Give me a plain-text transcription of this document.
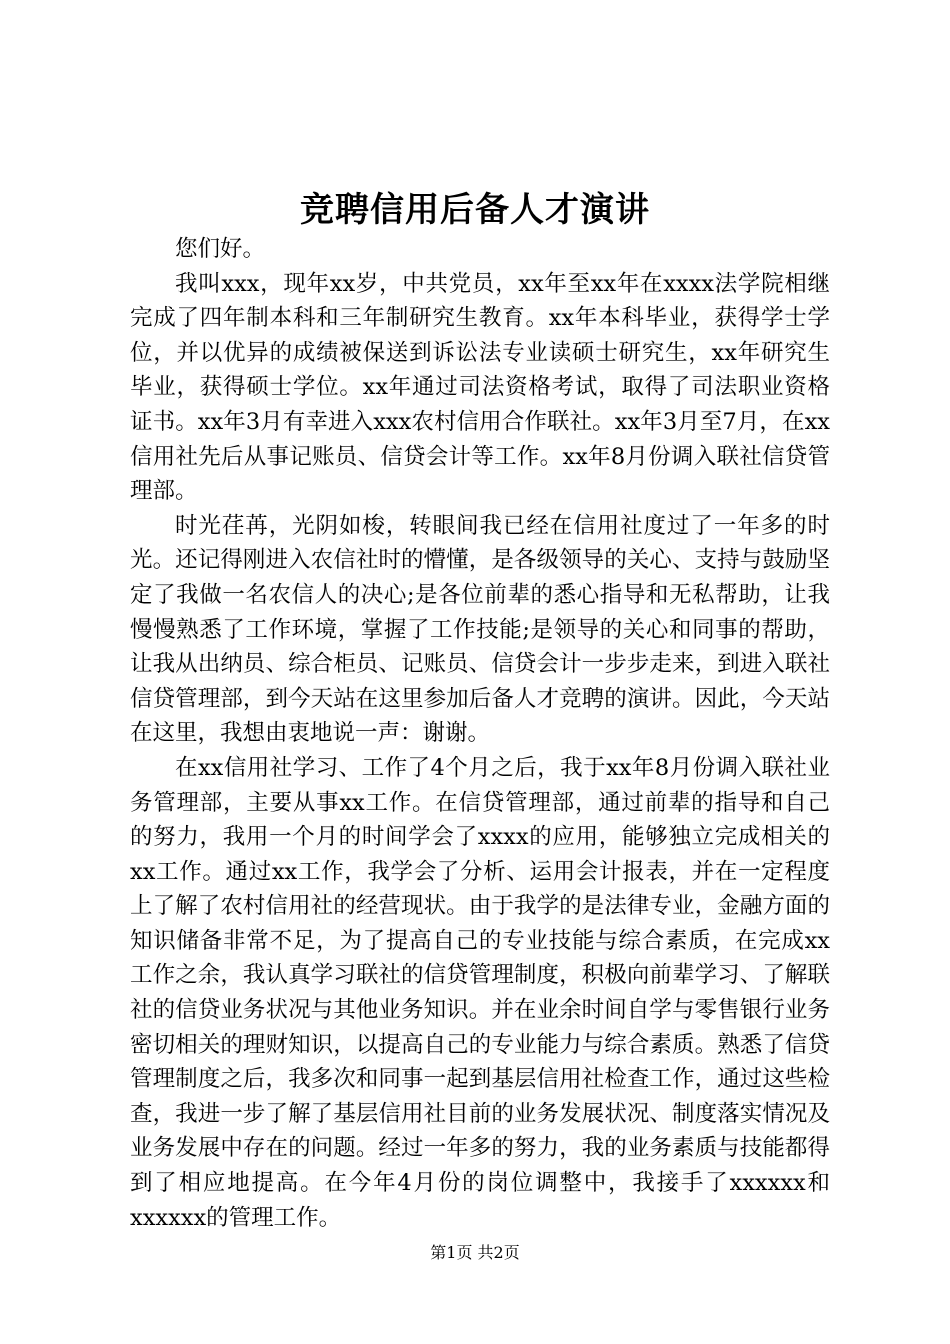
竞聘信用后备人才演讲

您们好。

我叫xxx，现年xx岁，中共党员，xx年至xx年在xxxx法学院相继完成了四年制本科和三年制研究生教育。xx年本科毕业，获得学士学位，并以优异的成绩被保送到诉讼法专业读硕士研究生，xx年研究生毕业，获得硕士学位。xx年通过司法资格考试，取得了司法职业资格证书。xx年3月有幸进入xxx农村信用合作联社。xx年3月至7月，在xx信用社先后从事记账员、信贷会计等工作。xx年8月份调入联社信贷管理部。

时光荏苒，光阴如梭，转眼间我已经在信用社度过了一年多的时光。还记得刚进入农信社时的懵懂，是各级领导的关心、支持与鼓励坚定了我做一名农信人的决心;是各位前辈的悉心指导和无私帮助，让我慢慢熟悉了工作环境，掌握了工作技能;是领导的关心和同事的帮助，让我从出纳员、综合柜员、记账员、信贷会计一步步走来，到进入联社信贷管理部，到今天站在这里参加后备人才竞聘的演讲。因此，今天站在这里，我想由衷地说一声：谢谢。

在xx信用社学习、工作了4个月之后，我于xx年8月份调入联社业务管理部，主要从事xx工作。在信贷管理部，通过前辈的指导和自己的努力，我用一个月的时间学会了xxxx的应用，能够独立完成相关的xx工作。通过xx工作，我学会了分析、运用会计报表，并在一定程度上了解了农村信用社的经营现状。由于我学的是法律专业，金融方面的知识储备非常不足，为了提高自己的专业技能与综合素质，在完成xx工作之余，我认真学习联社的信贷管理制度，积极向前辈学习、了解联社的信贷业务状况与其他业务知识。并在业余时间自学与零售银行业务密切相关的理财知识，以提高自己的专业能力与综合素质。熟悉了信贷管理制度之后，我多次和同事一起到基层信用社检查工作，通过这些检查，我进一步了解了基层信用社目前的业务发展状况、制度落实情况及业务发展中存在的问题。经过一年多的努力，我的业务素质与技能都得到了相应地提高。在今年4月份的岗位调整中，我接手了xxxxxx和xxxxxx的管理工作。

第1页 共2页
